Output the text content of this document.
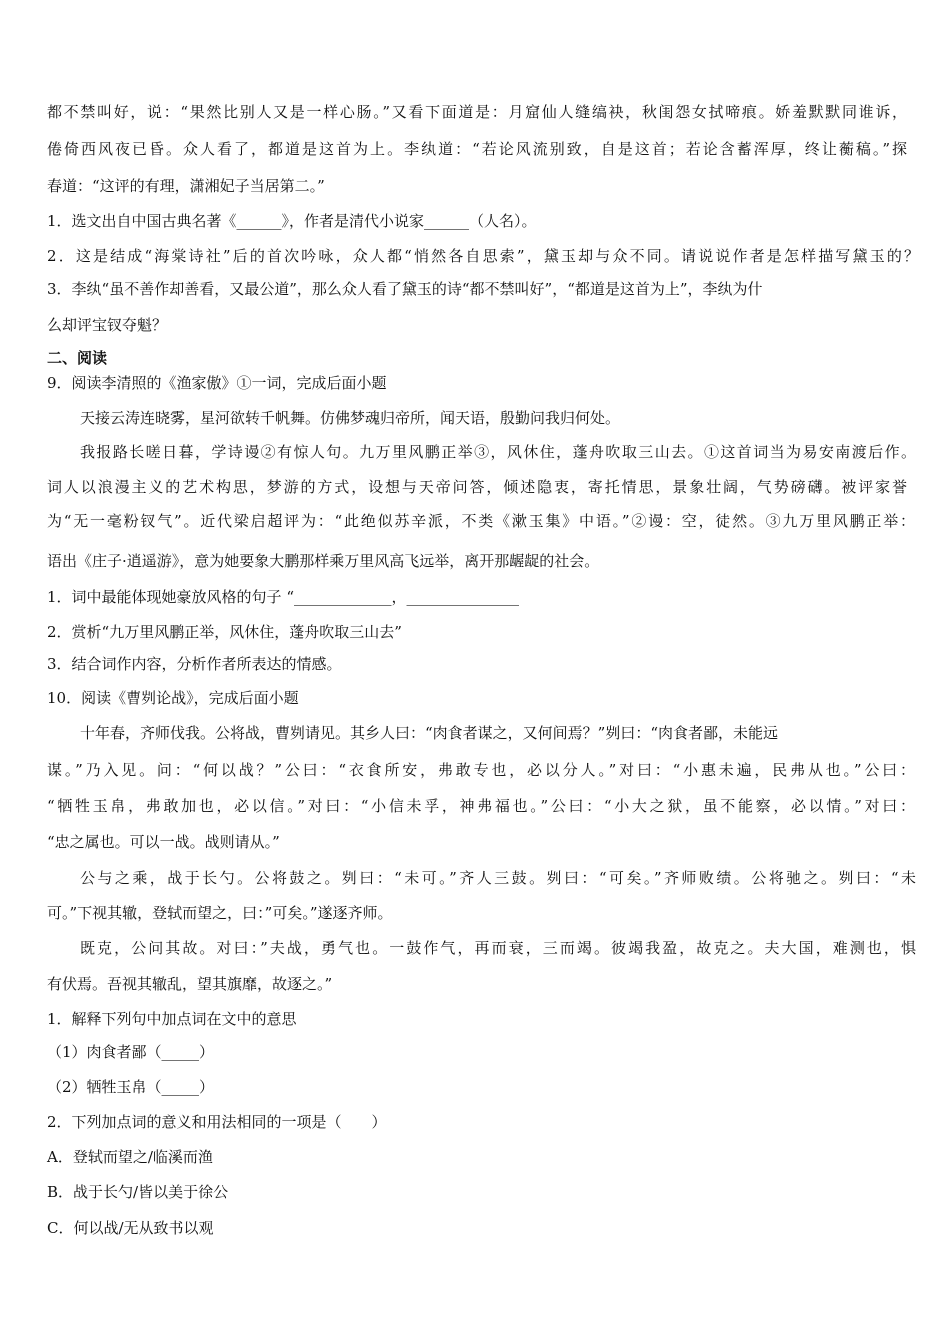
都不禁叫好，说：“果然比别人又是一样心肠。”又看下面道是：月窟仙人缝缟袂，秋闺怨女拭啼痕。娇羞默默同谁诉，
倦倚西风夜已昏。众人看了，都道是这首为上。李纨道：“若论风流别致，自是这首；若论含蓄浑厚，终让蘅稿。”探
春道：“这评的有理，潇湘妃子当居第二。”
1．选文出自中国古典名著《______》，作者是清代小说家______（人名）。
2．这是结成“海棠诗社”后的首次吟咏，众人都“悄然各自思索”，黛玉却与众不同。请说说作者是怎样描写黛玉的？
3．李纨“虽不善作却善看，又最公道”，那么众人看了黛玉的诗“都不禁叫好”，“都道是这首为上”，李纨为什
么却评宝钗夺魁？
二、阅读
9．阅读李清照的《渔家傲》①一词，完成后面小题
天接云涛连晓雾，星河欲转千帆舞。仿佛梦魂归帝所，闻天语，殷勤问我归何处。
我报路长嗟日暮，学诗谩②有惊人句。九万里风鹏正举③，风休住，蓬舟吹取三山去。①这首词当为易安南渡后作。
词人以浪漫主义的艺术构思，梦游的方式，设想与天帝问答，倾述隐衷，寄托情思，景象壮阔，气势磅礴。被评家誉
为“无一毫粉钗气”。近代梁启超评为：“此绝似苏辛派，不类《漱玉集》中语。”②谩：空，徒然。③九万里风鹏正举：
语出《庄子·逍遥游》，意为她要象大鹏那样乘万里风高飞远举，离开那龌龊的社会。
1．词中最能体现她豪放风格的句子 “_____________，_______________
2．赏析“九万里风鹏正举，风休住，蓬舟吹取三山去”
3．结合词作内容，分析作者所表达的情感。
10．阅读《曹刿论战》，完成后面小题
十年春，齐师伐我。公将战，曹刿请见。其乡人曰：“肉食者谋之，又何间焉？”刿曰：“肉食者鄙，未能远
谋。”乃入见。问：“何以战？”公曰：“衣食所安，弗敢专也，必以分人。”对曰：“小惠未遍，民弗从也。”公曰：
“牺牲玉帛，弗敢加也，必以信。”对曰：“小信未孚，神弗福也。”公曰：“小大之狱，虽不能察，必以情。”对曰：
“忠之属也。可以一战。战则请从。”
公与之乘，战于长勺。公将鼓之。刿曰：“未可。”齐人三鼓。刿曰：“可矣。”齐师败绩。公将驰之。刿曰：“未
可。”下视其辙，登轼而望之，曰：”可矣。”遂逐齐师。
既克，公问其故。对曰：”夫战，勇气也。一鼓作气，再而衰，三而竭。彼竭我盈，故克之。夫大国，难测也，惧
有伏焉。吾视其辙乱，望其旗靡，故逐之。”
1．解释下列句中加点词在文中的意思
（1）肉食者鄙（_____）
（2）牺牲玉帛（_____）
2．下列加点词的意义和用法相同的一项是（　　）
A．登轼而望之/临溪而渔
B．战于长勺/皆以美于徐公
C．何以战/无从致书以观
